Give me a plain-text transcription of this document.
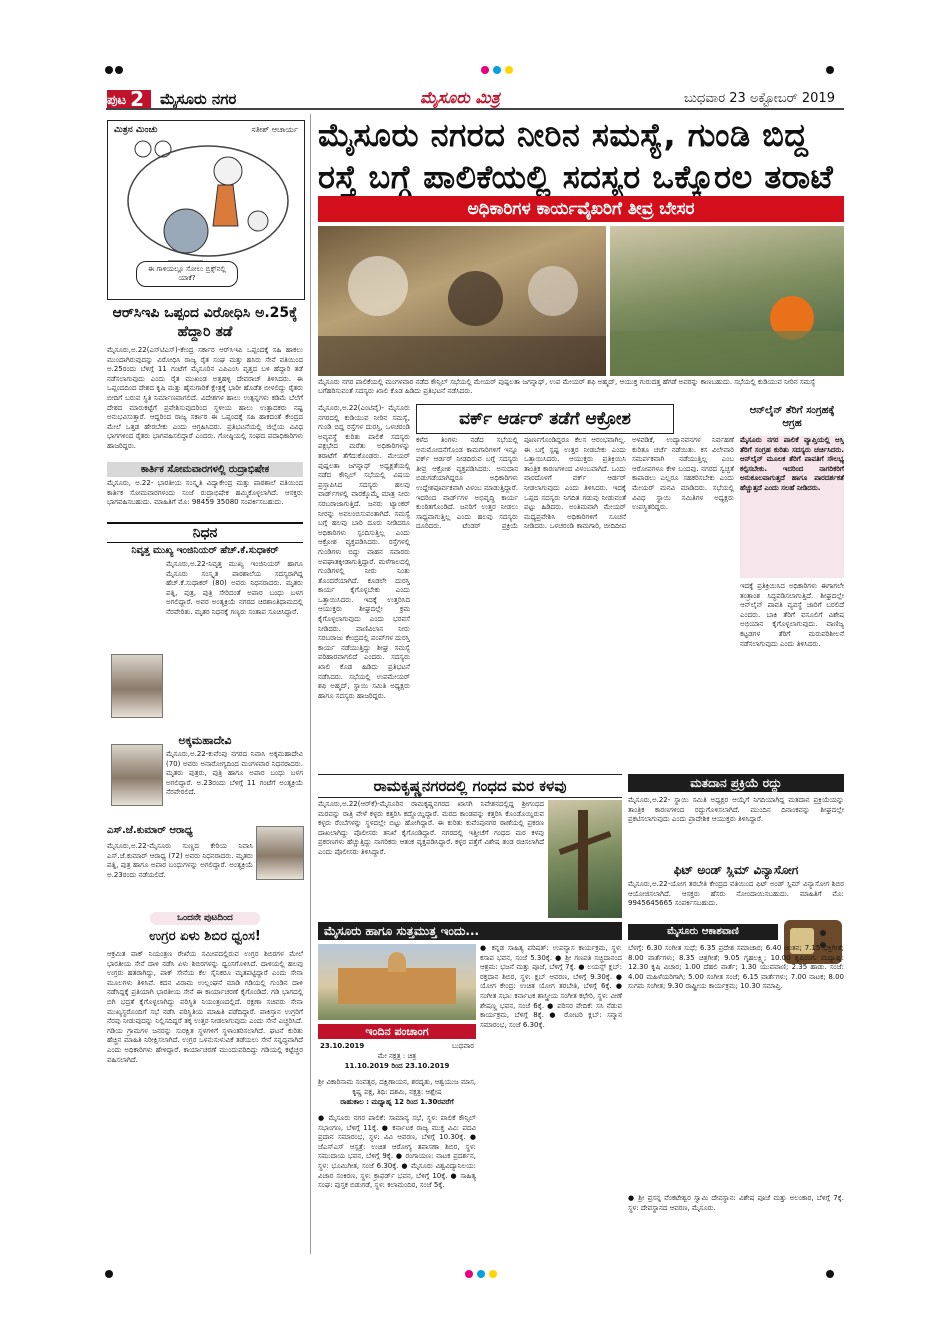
ಪುಟ 2	ಮೈಸೂರು ನಗರ	ಮೈಸೂರು ಮಿತ್ರ	ಬುಧವಾರ 23 ಅಕ್ಟೋಬರ್ 2019
ಮೈಸೂರು ನಗರದ ನೀರಿನ ಸಮಸ್ಯೆ, ಗುಂಡಿ ಬಿದ್ದ
ರಸ್ತೆ ಬಗ್ಗೆ ಪಾಲಿಕೆಯಲ್ಲಿ ಸದಸ್ಯರ ಒಕ್ಕೊರಲ ತರಾಟೆ
ಅಧಿಕಾರಿಗಳ ಕಾರ್ಯವೈಖರಿಗೆ ತೀವ್ರ ಬೇಸರ
ಮೈಸೂರು ನಗರ ಪಾಲಿಕೆಯಲ್ಲಿ ಮಂಗಳವಾರ ನಡೆದ ಕೌನ್ಸಿಲ್ ಸಭೆಯಲ್ಲಿ ಮೇಯರ್ ಪುಷ್ಪಲತಾ ಜಗನ್ನಾಥ್, ಉಪ ಮೇಯರ್ ಶಫಿ ಅಹ್ಮದ್, ಆಯುಕ್ತ ಗುರುದತ್ತ ಹೆಗಡೆ ಅವರನ್ನು ಕಾಣಬಹುದು. ಸಭೆಯಲ್ಲಿ ಕುಡಿಯುವ ನೀರಿನ ಸಮಸ್ಯೆ ಬಗೆಹರಿಸುವಂತೆ ಸದಸ್ಯರು ಖಾಲಿ ಕೊಡ ಹಿಡಿದು ಪ್ರತಿಭಟನೆ ನಡೆಸಿದರು.
ಮಿತ್ರನ ಮಿಂಚು	ಸತೀಶ್ ಆಚಾರ್ಯ
ಈ ಗಾಳಿಯಲ್ಲೂ ಸೋಲು ಬ್ರಿಕ್ಸ್‌ನಲ್ಲಿ ಯಾಕೆ?
ಆರ್‌ಸಿಇಪಿ ಒಪ್ಪಂದ ವಿರೋಧಿಸಿ ಅ.25ಕ್ಕೆ ಹೆದ್ದಾರಿ ತಡೆ
ಮೈಸೂರು,ಅ.22(ಎಸ್‌ಟಿಎಸ್)-ಕೇಂದ್ರ ಸರ್ಕಾರ ಆರ್‌ಸಿಇಪಿ ಒಪ್ಪಂದಕ್ಕೆ ಸಹಿ ಹಾಕಲು ಮುಂದಾಗಿರುವುದನ್ನು ವಿರೋಧಿಸಿ ರಾಜ್ಯ ರೈತ ಸಂಘ ಮತ್ತು ಹಸಿರು ಸೇನೆ ವತಿಯಿಂದ ಅ.25ರಂದು ಬೆಳಿಗ್ಗೆ 11 ಗಂಟೆಗೆ ಮೈಸೂರಿನ ಎಪಿಎಂಸಿ ವೃತ್ತದ ಬಳಿ ಹೆದ್ದಾರಿ ತಡೆ ನಡೆಸಲಾಗುವುದು ಎಂದು ರೈತ ಮುಖಂಡ ಅತ್ತಹಳ್ಳಿ ದೇವರಾಜ್ ತಿಳಿಸಿದರು. ಈ ಒಪ್ಪಂದದಿಂದ ದೇಶದ ಕೃಷಿ ಮತ್ತು ಹೈನುಗಾರಿಕೆ ಕ್ಷೇತ್ರಕ್ಕೆ ಭಾರೀ ಹೊಡೆತ ಬೀಳಲಿದ್ದು ರೈತರು ಬೀದಿಗೆ ಬರುವ ಸ್ಥಿತಿ ನಿರ್ಮಾಣವಾಗಲಿದೆ. ವಿದೇಶಗಳ ಹಾಲು ಉತ್ಪನ್ನಗಳು ಕಡಿಮೆ ಬೆಲೆಗೆ ದೇಶದ ಮಾರುಕಟ್ಟೆಗೆ ಪ್ರವೇಶಿಸುವುದರಿಂದ ಸ್ಥಳೀಯ ಹಾಲು ಉತ್ಪಾದಕರು ನಷ್ಟ ಅನುಭವಿಸುತ್ತಾರೆ. ಆದ್ದರಿಂದ ರಾಜ್ಯ ಸರ್ಕಾರ ಈ ಒಪ್ಪಂದಕ್ಕೆ ಸಹಿ ಹಾಕದಂತೆ ಕೇಂದ್ರದ ಮೇಲೆ ಒತ್ತಡ ಹೇರಬೇಕು ಎಂದು ಆಗ್ರಹಿಸಿದರು. ಪ್ರತಿಭಟನೆಯಲ್ಲಿ ಜಿಲ್ಲೆಯ ವಿವಿಧ ಭಾಗಗಳಿಂದ ರೈತರು ಭಾಗವಹಿಸಲಿದ್ದಾರೆ ಎಂದರು. ಗೋಷ್ಠಿಯಲ್ಲಿ ಸಂಘದ ಪದಾಧಿಕಾರಿಗಳು ಹಾಜರಿದ್ದರು.
ಕಾರ್ತಿಕ ಸೋಮವಾರಗಳಲ್ಲಿ ರುದ್ರಾಭಿಷೇಕ
ಮೈಸೂರು, ಅ.22- ಭಾರತೀಯ ಸಂಸ್ಕೃತಿ ವಿದ್ಯಾಕೇಂದ್ರ ಮತ್ತು ಪಾಠಶಾಲೆ ವತಿಯಿಂದ ಕಾರ್ತಿಕ ಸೋಮವಾರಗಳಂದು ಸಂಜೆ ರುದ್ರಾಭಿಷೇಕ ಹಮ್ಮಿಕೊಳ್ಳಲಾಗಿದೆ. ಆಸಕ್ತರು ಭಾಗವಹಿಸಬಹುದು. ಮಾಹಿತಿಗೆ ಮೊ: 98459 35080 ಸಂಪರ್ಕಿಸಬಹುದು.
ನಿಧನ
ನಿವೃತ್ತ ಮುಖ್ಯ ಇಂಜಿನಿಯರ್ ಹೆಚ್.ಕೆ.ಸುಧಾಕರ್
ಮೈಸೂರು,ಅ.22-ನಿವೃತ್ತ ಮುಖ್ಯ ಇಂಜಿನಿಯರ್ ಹಾಗೂ ಮೈಸೂರು ಸಂಸ್ಕೃತ ಪಾಠಶಾಲೆಯ ಸದಸ್ಯರಾಗಿದ್ದ ಹೆಚ್.ಕೆ.ಸುಧಾಕರ್ (80) ಅವರು ನಿಧನರಾದರು. ಮೃತರು ಪತ್ನಿ, ಪುತ್ರ, ಪುತ್ರಿ ಸೇರಿದಂತೆ ಅಪಾರ ಬಂಧು ಬಳಗ ಅಗಲಿದ್ದಾರೆ. ಅವರ ಅಂತ್ಯಕ್ರಿಯೆ ನಗರದ ಚಿರಶಾಂತಿಧಾಮದಲ್ಲಿ ನೆರವೇರಿತು. ಮೃತರ ನಿಧನಕ್ಕೆ ಗಣ್ಯರು ಸಂತಾಪ ಸೂಚಿಸಿದ್ದಾರೆ.
ಅಕ್ಕಮಹಾದೇವಿ
ಮೈಸೂರು,ಅ.22-ಕುವೆಂಪು ನಗರದ ನಿವಾಸಿ ಅಕ್ಕಮಹಾದೇವಿ (70) ಅವರು ಅನಾರೋಗ್ಯದಿಂದ ಮಂಗಳವಾರ ನಿಧನರಾದರು. ಮೃತರು ಪುತ್ರರು, ಪುತ್ರಿ ಹಾಗೂ ಅಪಾರ ಬಂಧು ಬಳಗ ಅಗಲಿದ್ದಾರೆ. ಅ.23ರಂದು ಬೆಳಿಗ್ಗೆ 11 ಗಂಟೆಗೆ ಅಂತ್ಯಕ್ರಿಯೆ ನೆರವೇರಲಿದೆ.
ಎಸ್.ಜೆ.ಕುಮಾರ್ ಆರಾಧ್ಯ
ಮೈಸೂರು,ಅ.22-ಮೈಸೂರು ಸುಣ್ಣದ ಕೇರಿಯ ನಿವಾಸಿ ಎಸ್.ಜೆ.ಕುಮಾರ್ ಆರಾಧ್ಯ (72) ಅವರು ನಿಧನರಾದರು. ಮೃತರು ಪತ್ನಿ, ಪುತ್ರ ಹಾಗೂ ಅಪಾರ ಬಂಧುಗಳನ್ನು ಅಗಲಿದ್ದಾರೆ. ಅಂತ್ಯಕ್ರಿಯೆ ಅ.23ರಂದು ನಡೆಯಲಿದೆ.
ಒಂದನೇ ಪುಟದಿಂದ
ಉಗ್ರರ ಏಳು ಶಿಬಿರ ಧ್ವಂಸ!
ಆಕ್ರಮಿತ ಪಾಕ್ ನಿಯಂತ್ರಣ ರೇಖೆಯ ಸಮೀಪದಲ್ಲಿರುವ ಉಗ್ರರ ಶಿಬಿರಗಳ ಮೇಲೆ ಭಾರತೀಯ ಸೇನೆ ದಾಳಿ ನಡೆಸಿ ಏಳು ಶಿಬಿರಗಳನ್ನು ಧ್ವಂಸಗೊಳಿಸಿದೆ. ದಾಳಿಯಲ್ಲಿ ಹಲವು ಉಗ್ರರು ಹತರಾಗಿದ್ದು, ಪಾಕ್ ಸೇನೆಯ ಕೆಲ ಸೈನಿಕರೂ ಮೃತಪಟ್ಟಿದ್ದಾರೆ ಎಂದು ಸೇನಾ ಮೂಲಗಳು ತಿಳಿಸಿವೆ. ಕದನ ವಿರಾಮ ಉಲ್ಲಂಘನೆ ಮಾಡಿ ಗಡಿಯಲ್ಲಿ ಗುಂಡಿನ ದಾಳಿ ನಡೆಸಿದ್ದಕ್ಕೆ ಪ್ರತಿಯಾಗಿ ಭಾರತೀಯ ಸೇನೆ ಈ ಕಾರ್ಯಾಚರಣೆ ಕೈಗೊಂಡಿದೆ. ಗಡಿ ಭಾಗದಲ್ಲಿ ಬಿಗಿ ಭದ್ರತೆ ಕೈಗೊಳ್ಳಲಾಗಿದ್ದು ಪರಿಸ್ಥಿತಿ ನಿಯಂತ್ರಣದಲ್ಲಿದೆ. ರಕ್ಷಣಾ ಸಚಿವರು ಸೇನಾ ಮುಖ್ಯಸ್ಥರೊಂದಿಗೆ ಸಭೆ ನಡೆಸಿ ಪರಿಸ್ಥಿತಿಯ ಮಾಹಿತಿ ಪಡೆದಿದ್ದಾರೆ. ಪಾಕಿಸ್ತಾನ ಉಗ್ರರಿಗೆ ನೆರವು ನೀಡುವುದನ್ನು ನಿಲ್ಲಿಸದಿದ್ದರೆ ತಕ್ಕ ಉತ್ತರ ನೀಡಲಾಗುವುದು ಎಂದು ಸೇನೆ ಎಚ್ಚರಿಸಿದೆ. ಗಡಿಯ ಗ್ರಾಮಗಳ ಜನರನ್ನು ಸುರಕ್ಷಿತ ಸ್ಥಳಗಳಿಗೆ ಸ್ಥಳಾಂತರಿಸಲಾಗಿದೆ. ಘಟನೆ ಕುರಿತು ಹೆಚ್ಚಿನ ಮಾಹಿತಿ ನಿರೀಕ್ಷಿಸಲಾಗಿದೆ. ಉಗ್ರರ ಒಳನುಸುಳುವಿಕೆ ತಡೆಯಲು ಸೇನೆ ಸನ್ನದ್ಧವಾಗಿದೆ ಎಂದು ಅಧಿಕಾರಿಗಳು ಹೇಳಿದ್ದಾರೆ. ಕಾರ್ಯಾಚರಣೆ ಮುಂದುವರಿದಿದ್ದು ಗಡಿಯಲ್ಲಿ ಕಟ್ಟೆಚ್ಚರ ವಹಿಸಲಾಗಿದೆ.
ಮೈಸೂರು,ಅ.22(ಎಂಟಿವೈ)- ಮೈಸೂರು ನಗರದಲ್ಲಿ ಕುಡಿಯುವ ನೀರಿನ ಸಮಸ್ಯೆ, ಗುಂಡಿ ಬಿದ್ದ ರಸ್ತೆಗಳ ದುರಸ್ತಿ, ಒಳಚರಂಡಿ ಅವ್ಯವಸ್ಥೆ ಕುರಿತು ಪಾಲಿಕೆ ಸದಸ್ಯರು ಪಕ್ಷಭೇದ ಮರೆತು ಅಧಿಕಾರಿಗಳನ್ನು ತರಾಟೆಗೆ ತೆಗೆದುಕೊಂಡರು. ಮೇಯರ್ ಪುಷ್ಪಲತಾ ಜಗನ್ನಾಥ್ ಅಧ್ಯಕ್ಷತೆಯಲ್ಲಿ ನಡೆದ ಕೌನ್ಸಿಲ್ ಸಭೆಯಲ್ಲಿ ವಿಷಯ ಪ್ರಸ್ತಾಪಿಸಿದ ಸದಸ್ಯರು ಹಲವು ವಾರ್ಡ್‌ಗಳಲ್ಲಿ ವಾರಕ್ಕೊಮ್ಮೆ ಮಾತ್ರ ನೀರು ಸರಬರಾಜಾಗುತ್ತಿದೆ. ಜನರು ಟ್ಯಾಂಕರ್ ನೀರನ್ನು ಅವಲಂಬಿಸುವಂತಾಗಿದೆ. ಸಮಸ್ಯೆ ಬಗ್ಗೆ ಹಲವು ಬಾರಿ ದೂರು ನೀಡಿದರೂ ಅಧಿಕಾರಿಗಳು ಸ್ಪಂದಿಸುತ್ತಿಲ್ಲ ಎಂದು ಆಕ್ರೋಶ ವ್ಯಕ್ತಪಡಿಸಿದರು. ರಸ್ತೆಗಳಲ್ಲಿ ಗುಂಡಿಗಳು ಬಿದ್ದು ವಾಹನ ಸವಾರರು ಅಪಘಾತಕ್ಕೀಡಾಗುತ್ತಿದ್ದಾರೆ. ಮಳೆಗಾಲದಲ್ಲಿ ಗುಂಡಿಗಳಲ್ಲಿ ನೀರು ನಿಂತು ತೊಂದರೆಯಾಗಿದೆ. ಕೂಡಲೇ ದುರಸ್ತಿ ಕಾರ್ಯ ಕೈಗೊಳ್ಳಬೇಕು ಎಂದು ಒತ್ತಾಯಿಸಿದರು. ಇದಕ್ಕೆ ಉತ್ತರಿಸಿದ ಆಯುಕ್ತರು ಶೀಘ್ರದಲ್ಲೇ ಕ್ರಮ ಕೈಗೊಳ್ಳಲಾಗುವುದು ಎಂದು ಭರವಸೆ ನೀಡಿದರು. ವಾಣಿವಿಲಾಸ ನೀರು ಸರಬರಾಜು ಕೇಂದ್ರದಲ್ಲಿ ಪಂಪ್‌ಗಳ ದುರಸ್ತಿ ಕಾರ್ಯ ನಡೆಯುತ್ತಿದ್ದು ಶೀಘ್ರ ಸಮಸ್ಯೆ ಪರಿಹಾರವಾಗಲಿದೆ ಎಂದರು. ಸದಸ್ಯರು ಖಾಲಿ ಕೊಡ ಹಿಡಿದು ಪ್ರತಿಭಟನೆ ನಡೆಸಿದರು. ಸಭೆಯಲ್ಲಿ ಉಪಮೇಯರ್ ಶಫಿ ಅಹ್ಮದ್, ಸ್ಥಾಯಿ ಸಮಿತಿ ಅಧ್ಯಕ್ಷರು ಹಾಗೂ ಸದಸ್ಯರು ಹಾಜರಿದ್ದರು.
ವರ್ಕ್ ಆರ್ಡರ್ ತಡೆಗೆ ಆಕ್ರೋಶ
ಕಳೆದ ತಿಂಗಳು ನಡೆದ ಸಭೆಯಲ್ಲಿ ಅನುಮೋದನೆಗೊಂಡ ಕಾಮಗಾರಿಗಳಿಗೆ ಇನ್ನೂ ವರ್ಕ್ ಆರ್ಡರ್ ನೀಡದಿರುವ ಬಗ್ಗೆ ಸದಸ್ಯರು ತೀವ್ರ ಆಕ್ರೋಶ ವ್ಯಕ್ತಪಡಿಸಿದರು. ಅನುದಾನ ಬಿಡುಗಡೆಯಾಗಿದ್ದರೂ ಅಧಿಕಾರಿಗಳು ಉದ್ದೇಶಪೂರ್ವಕವಾಗಿ ವಿಳಂಬ ಮಾಡುತ್ತಿದ್ದಾರೆ. ಇದರಿಂದ ವಾರ್ಡ್‌ಗಳ ಅಭಿವೃದ್ಧಿ ಕಾರ್ಯ ಕುಂಠಿತಗೊಂಡಿದೆ. ಜನರಿಗೆ ಉತ್ತರ ನೀಡಲು ಸಾಧ್ಯವಾಗುತ್ತಿಲ್ಲ ಎಂದು ಹಲವು ಸದಸ್ಯರು ದೂರಿದರು. ಟೆಂಡರ್ ಪ್ರಕ್ರಿಯೆ ಪೂರ್ಣಗೊಂಡಿದ್ದರೂ ಕೆಲಸ ಆರಂಭವಾಗಿಲ್ಲ. ಈ ಬಗ್ಗೆ ಸ್ಪಷ್ಟ ಉತ್ತರ ನೀಡಬೇಕು ಎಂದು ಒತ್ತಾಯಿಸಿದರು. ಆಯುಕ್ತರು ಪ್ರತಿಕ್ರಿಯಿಸಿ ತಾಂತ್ರಿಕ ಕಾರಣಗಳಿಂದ ವಿಳಂಬವಾಗಿದೆ. ಒಂದು ವಾರದೊಳಗೆ ವರ್ಕ್ ಆರ್ಡರ್ ನೀಡಲಾಗುವುದು ಎಂದು ತಿಳಿಸಿದರು. ಇದಕ್ಕೆ ಒಪ್ಪದ ಸದಸ್ಯರು ನಿಗದಿತ ಗಡುವು ನೀಡುವಂತೆ ಪಟ್ಟು ಹಿಡಿದರು. ಅಂತಿಮವಾಗಿ ಮೇಯರ್ ಮಧ್ಯಪ್ರವೇಶಿಸಿ ಅಧಿಕಾರಿಗಳಿಗೆ ಸೂಚನೆ ನೀಡಿದರು. ಒಳಚರಂಡಿ ಕಾಮಗಾರಿ, ಬೀದಿದೀಪ ಅಳವಡಿಕೆ, ಉದ್ಯಾನವನಗಳ ನಿರ್ವಹಣೆ ಕುರಿತೂ ಚರ್ಚೆ ನಡೆಯಿತು. ಕಸ ವಿಲೇವಾರಿ ಸಮರ್ಪಕವಾಗಿ ನಡೆಯುತ್ತಿಲ್ಲ ಎಂಬ ಆರೋಪಗಳೂ ಕೇಳಿ ಬಂದವು. ನಗರದ ಸ್ವಚ್ಛತೆ ಕಾಪಾಡಲು ಎಲ್ಲರೂ ಸಹಕರಿಸಬೇಕು ಎಂದು ಮೇಯರ್ ಮನವಿ ಮಾಡಿದರು. ಸಭೆಯಲ್ಲಿ ವಿವಿಧ ಸ್ಥಾಯಿ ಸಮಿತಿಗಳ ಅಧ್ಯಕ್ಷರು ಉಪಸ್ಥಿತರಿದ್ದರು.
ಆನ್‌ಲೈನ್ ತೆರಿಗೆ ಸಂಗ್ರಹಕ್ಕೆ ಆಗ್ರಹ
ಮೈಸೂರು ನಗರ ಪಾಲಿಕೆ ವ್ಯಾಪ್ತಿಯಲ್ಲಿ ಆಸ್ತಿ ತೆರಿಗೆ ಸಂಗ್ರಹ ಕುರಿತು ಸದಸ್ಯರು ಚರ್ಚಿಸಿದರು. ಆನ್‌ಲೈನ್ ಮೂಲಕ ತೆರಿಗೆ ಪಾವತಿಗೆ ಸೌಲಭ್ಯ ಕಲ್ಪಿಸಬೇಕು. ಇದರಿಂದ ನಾಗರಿಕರಿಗೆ ಅನುಕೂಲವಾಗುತ್ತದೆ ಹಾಗೂ ಪಾರದರ್ಶಕತೆ ಹೆಚ್ಚುತ್ತದೆ ಎಂದು ಸಲಹೆ ನೀಡಿದರು.
ಇದಕ್ಕೆ ಪ್ರತಿಕ್ರಿಯಿಸಿದ ಅಧಿಕಾರಿಗಳು ಈಗಾಗಲೇ ತಂತ್ರಾಂಶ ಸಿದ್ಧಪಡಿಸಲಾಗುತ್ತಿದೆ. ಶೀಘ್ರದಲ್ಲೇ ಆನ್‌ಲೈನ್ ಪಾವತಿ ವ್ಯವಸ್ಥೆ ಜಾರಿಗೆ ಬರಲಿದೆ ಎಂದರು. ಬಾಕಿ ತೆರಿಗೆ ವಸೂಲಿಗೆ ವಿಶೇಷ ಅಭಿಯಾನ ಕೈಗೊಳ್ಳಲಾಗುವುದು. ವಾಣಿಜ್ಯ ಕಟ್ಟಡಗಳ ತೆರಿಗೆ ಮರುಪರಿಶೀಲನೆ ನಡೆಸಲಾಗುವುದು ಎಂದು ತಿಳಿಸಿದರು.
ಮತದಾನ ಪ್ರಕ್ರಿಯೆ ರದ್ದು
ಮೈಸೂರು,ಅ.22- ಸ್ಥಾಯಿ ಸಮಿತಿ ಅಧ್ಯಕ್ಷರ ಆಯ್ಕೆಗೆ ನಿಗದಿಯಾಗಿದ್ದ ಮತದಾನ ಪ್ರಕ್ರಿಯೆಯನ್ನು ತಾಂತ್ರಿಕ ಕಾರಣಗಳಿಂದ ರದ್ದುಗೊಳಿಸಲಾಗಿದೆ. ಮುಂದಿನ ದಿನಾಂಕವನ್ನು ಶೀಘ್ರದಲ್ಲೇ ಪ್ರಕಟಿಸಲಾಗುವುದು ಎಂದು ಪ್ರಾದೇಶಿಕ ಆಯುಕ್ತರು ತಿಳಿಸಿದ್ದಾರೆ.
ಫಿಟ್ ಅಂಡ್ ಸ್ಲಿಮ್ ವಿನ್ಯಾಸೋಗ
ಮೈಸೂರು,ಅ.22-ಯೋಗ ತರಬೇತಿ ಕೇಂದ್ರದ ವತಿಯಿಂದ ಫಿಟ್ ಅಂಡ್ ಸ್ಲಿಮ್ ವಿನ್ಯಾಸೋಗ ಶಿಬಿರ ಆಯೋಜಿಸಲಾಗಿದೆ. ಆಸಕ್ತರು ಹೆಸರು ನೋಂದಾಯಿಸಬಹುದು. ಮಾಹಿತಿಗೆ ಮೊ: 9945645665 ಸಂಪರ್ಕಿಸಬಹುದು.
ರಾಮಕೃಷ್ಣನಗರದಲ್ಲಿ ಗಂಧದ ಮರ ಕಳವು
ಮೈಸೂರು,ಅ.22(ಆರ್‌ಕೆ)-ಮೈಸೂರಿನ ರಾಮಕೃಷ್ಣನಗರದ ಖಾಸಗಿ ನಿವೇಶನದಲ್ಲಿದ್ದ ಶ್ರೀಗಂಧದ ಮರವನ್ನು ರಾತ್ರಿ ವೇಳೆ ಕಳ್ಳರು ಕತ್ತರಿಸಿ ಕದ್ದೊಯ್ದಿದ್ದಾರೆ. ಮರದ ಕಾಂಡವನ್ನು ಕತ್ತರಿಸಿ ಕೊಂಡೊಯ್ದಿರುವ ಕಳ್ಳರು ರೆಂಬೆಗಳನ್ನು ಸ್ಥಳದಲ್ಲೇ ಬಿಟ್ಟು ಹೋಗಿದ್ದಾರೆ. ಈ ಕುರಿತು ಕುವೆಂಪುನಗರ ಠಾಣೆಯಲ್ಲಿ ಪ್ರಕರಣ ದಾಖಲಾಗಿದ್ದು ಪೊಲೀಸರು ತನಿಖೆ ಕೈಗೊಂಡಿದ್ದಾರೆ. ನಗರದಲ್ಲಿ ಇತ್ತೀಚೆಗೆ ಗಂಧದ ಮರ ಕಳವು ಪ್ರಕರಣಗಳು ಹೆಚ್ಚುತ್ತಿದ್ದು ನಾಗರಿಕರು ಆತಂಕ ವ್ಯಕ್ತಪಡಿಸಿದ್ದಾರೆ. ಕಳ್ಳರ ಪತ್ತೆಗೆ ವಿಶೇಷ ತಂಡ ರಚಿಸಲಾಗಿದೆ ಎಂದು ಪೊಲೀಸರು ತಿಳಿಸಿದ್ದಾರೆ.
ಮೈಸೂರು ಹಾಗೂ ಸುತ್ತಮುತ್ತ ಇಂದು...
ಇಂದಿನ ಪಂಚಾಂಗ
23.10.2019	ಬುಧವಾರ
ಮೇ ನಕ್ಷತ್ರ : ಚಿತ್ರ
11.10.2019 ರಿಂದ 23.10.2019
ಶ್ರೀ ವಿಕಾರಿನಾಮ ಸಂವತ್ಸರ, ದಕ್ಷಿಣಾಯನ, ಶರದೃತು, ಆಶ್ವಯುಜ ಮಾಸ, ಕೃಷ್ಣ ಪಕ್ಷ, ತಿಥಿ: ದಶಮಿ, ನಕ್ಷತ್ರ: ಆಶ್ಲೇಷ
ರಾಹುಕಾಲ : ಮಧ್ಯಾಹ್ನ 12 ರಿಂದ 1.30ರವರೆಗೆ
● ಮೈಸೂರು ನಗರ ಪಾಲಿಕೆ: ಸಾಮಾನ್ಯ ಸಭೆ, ಸ್ಥಳ: ಪಾಲಿಕೆ ಕೌನ್ಸಿಲ್ ಸಭಾಂಗಣ, ಬೆಳಿಗ್ಗೆ 11ಕ್ಕೆ. ● ಕರ್ನಾಟಕ ರಾಜ್ಯ ಮುಕ್ತ ವಿವಿ: ಪದವಿ ಪ್ರದಾನ ಸಮಾರಂಭ, ಸ್ಥಳ: ವಿವಿ ಆವರಣ, ಬೆಳಿಗ್ಗೆ 10.30ಕ್ಕೆ. ● ಜೆಎಸ್‌ಎಸ್ ಆಸ್ಪತ್ರೆ: ಉಚಿತ ಆರೋಗ್ಯ ತಪಾಸಣಾ ಶಿಬಿರ, ಸ್ಥಳ: ಸಮುದಾಯ ಭವನ, ಬೆಳಿಗ್ಗೆ 9ಕ್ಕೆ. ● ರಂಗಾಯಣ: ನಾಟಕ ಪ್ರದರ್ಶನ, ಸ್ಥಳ: ಭೂಮಿಗೀತ, ಸಂಜೆ 6.30ಕ್ಕೆ. ● ಮೈಸೂರು ವಿಶ್ವವಿದ್ಯಾನಿಲಯ: ವಿಚಾರ ಸಂಕಿರಣ, ಸ್ಥಳ: ಕ್ರಾಫರ್ಡ್ ಭವನ, ಬೆಳಿಗ್ಗೆ 10ಕ್ಕೆ. ● ಸಾಹಿತ್ಯ ಸಂಘ: ಪುಸ್ತಕ ಬಿಡುಗಡೆ, ಸ್ಥಳ: ಕಲಾಮಂದಿರ, ಸಂಜೆ 5ಕ್ಕೆ.
● ಕನ್ನಡ ಸಾಹಿತ್ಯ ಪರಿಷತ್: ಉಪನ್ಯಾಸ ಕಾರ್ಯಕ್ರಮ, ಸ್ಥಳ: ಕಸಾಪ ಭವನ, ಸಂಜೆ 5.30ಕ್ಕೆ. ● ಶ್ರೀ ಗಣಪತಿ ಸಚ್ಚಿದಾನಂದ ಆಶ್ರಮ: ಭಜನೆ ಮತ್ತು ಪೂಜೆ, ಬೆಳಿಗ್ಗೆ 7ಕ್ಕೆ. ● ಲಯನ್ಸ್ ಕ್ಲಬ್: ರಕ್ತದಾನ ಶಿಬಿರ, ಸ್ಥಳ: ಕ್ಲಬ್ ಆವರಣ, ಬೆಳಿಗ್ಗೆ 9.30ಕ್ಕೆ. ● ಯೋಗ ಕೇಂದ್ರ: ಉಚಿತ ಯೋಗ ತರಬೇತಿ, ಬೆಳಿಗ್ಗೆ 6ಕ್ಕೆ. ● ಸಂಗೀತ ಸಭಾ: ಕರ್ನಾಟಕ ಶಾಸ್ತ್ರೀಯ ಸಂಗೀತ ಕಛೇರಿ, ಸ್ಥಳ: ವೀಣೆ ಶೇಷಣ್ಣ ಭವನ, ಸಂಜೆ 6ಕ್ಕೆ. ● ಪರಿಸರ ವೇದಿಕೆ: ಸಸಿ ನೆಡುವ ಕಾರ್ಯಕ್ರಮ, ಬೆಳಿಗ್ಗೆ 8ಕ್ಕೆ. ● ರೋಟರಿ ಕ್ಲಬ್: ಸನ್ಮಾನ ಸಮಾರಂಭ, ಸಂಜೆ 6.30ಕ್ಕೆ.
ಮೈಸೂರು ಆಕಾಶವಾಣಿ
ಬೆಳಗ್ಗೆ: 6.30 ಸಂಗೀತ ಸುಧೆ; 6.35 ಪ್ರದೇಶ ಸಮಾಚಾರ; 6.40 ಚಿಂತನ; 7.15 ಭಕ್ತಿಗೀತೆ; 8.00 ವಾರ್ತೆಗಳು; 8.35 ಚಿತ್ರಗೀತೆ; 9.05 ಗೃಹಲಕ್ಷ್ಮಿ; 10.00 ಕೃಷಿರಂಗ. ಮಧ್ಯಾಹ್ನ: 12.30 ಕೃಷಿ ವಿಚಾರ; 1.00 ದೆಹಲಿ ವಾರ್ತೆ; 1.30 ಯುವವಾಣಿ; 2.35 ಹಾಡು. ಸಂಜೆ: 4.00 ಮಹಿಳೆಯರಿಗಾಗಿ; 5.00 ಸಂಗೀತ ಸಂಜೆ; 6.15 ವಾರ್ತೆಗಳು; 7.00 ನಾಟಕ; 8.00 ಸುಗಮ ಸಂಗೀತ; 9.30 ರಾಷ್ಟ್ರೀಯ ಕಾರ್ಯಕ್ರಮ; 10.30 ಸಮಾಪ್ತಿ.
● ಶ್ರೀ ಪ್ರಸನ್ನ ವೆಂಕಟೇಶ್ವರ ಸ್ವಾಮಿ ದೇವಸ್ಥಾನ: ವಿಶೇಷ ಪೂಜೆ ಮತ್ತು ಅಲಂಕಾರ, ಬೆಳಿಗ್ಗೆ 7ಕ್ಕೆ. ಸ್ಥಳ: ದೇವಸ್ಥಾನದ ಆವರಣ, ಮೈಸೂರು.
